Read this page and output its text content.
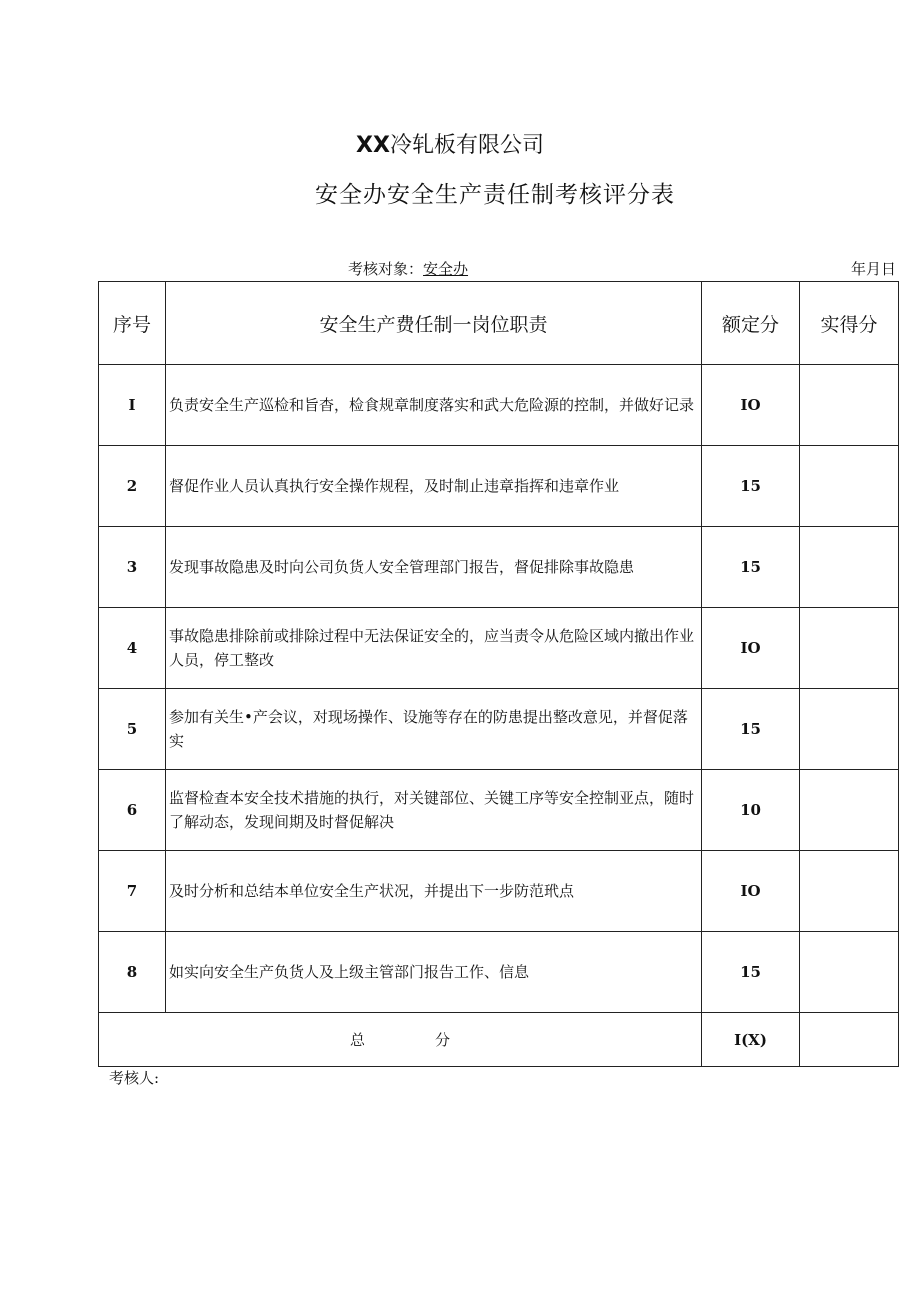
XX冷轧板有限公司
安全办安全生产责任制考核评分表
考核对象：安全办	年月日
序号	安全生产费任制一岗位职责	额定分	实得分
I	负责安全生产巡检和旨杳，检食规章制度落实和武大危险源的控制，并做好记录	IO	
2	督促作业人员认真执行安全操作规程，及时制止违章指挥和违章作业	15	
3	发现事故隐患及时向公司负货人安全管理部门报告，督促排除事故隐患	15	
4	事故隐患排除前或排除过程中无法保证安全的，应当责令从危险区域内撤出作业人员，停工整改	IO	
5	参加有关生•产会议，对现场操作、设施等存在的防患提出整改意见，并督促落实	15	
6	监督检查本安全技术措施的执行，对关键部位、关键工序等安全控制亚点，随时了解动态，发现间期及时督促解决	10	
7	及时分析和总结本单位安全生产状况，并提出下一步防范玳点	IO	
8	如实向安全生产负货人及上级主管部门报告工作、信息	15	
总 分		I(X)	
考核人:
